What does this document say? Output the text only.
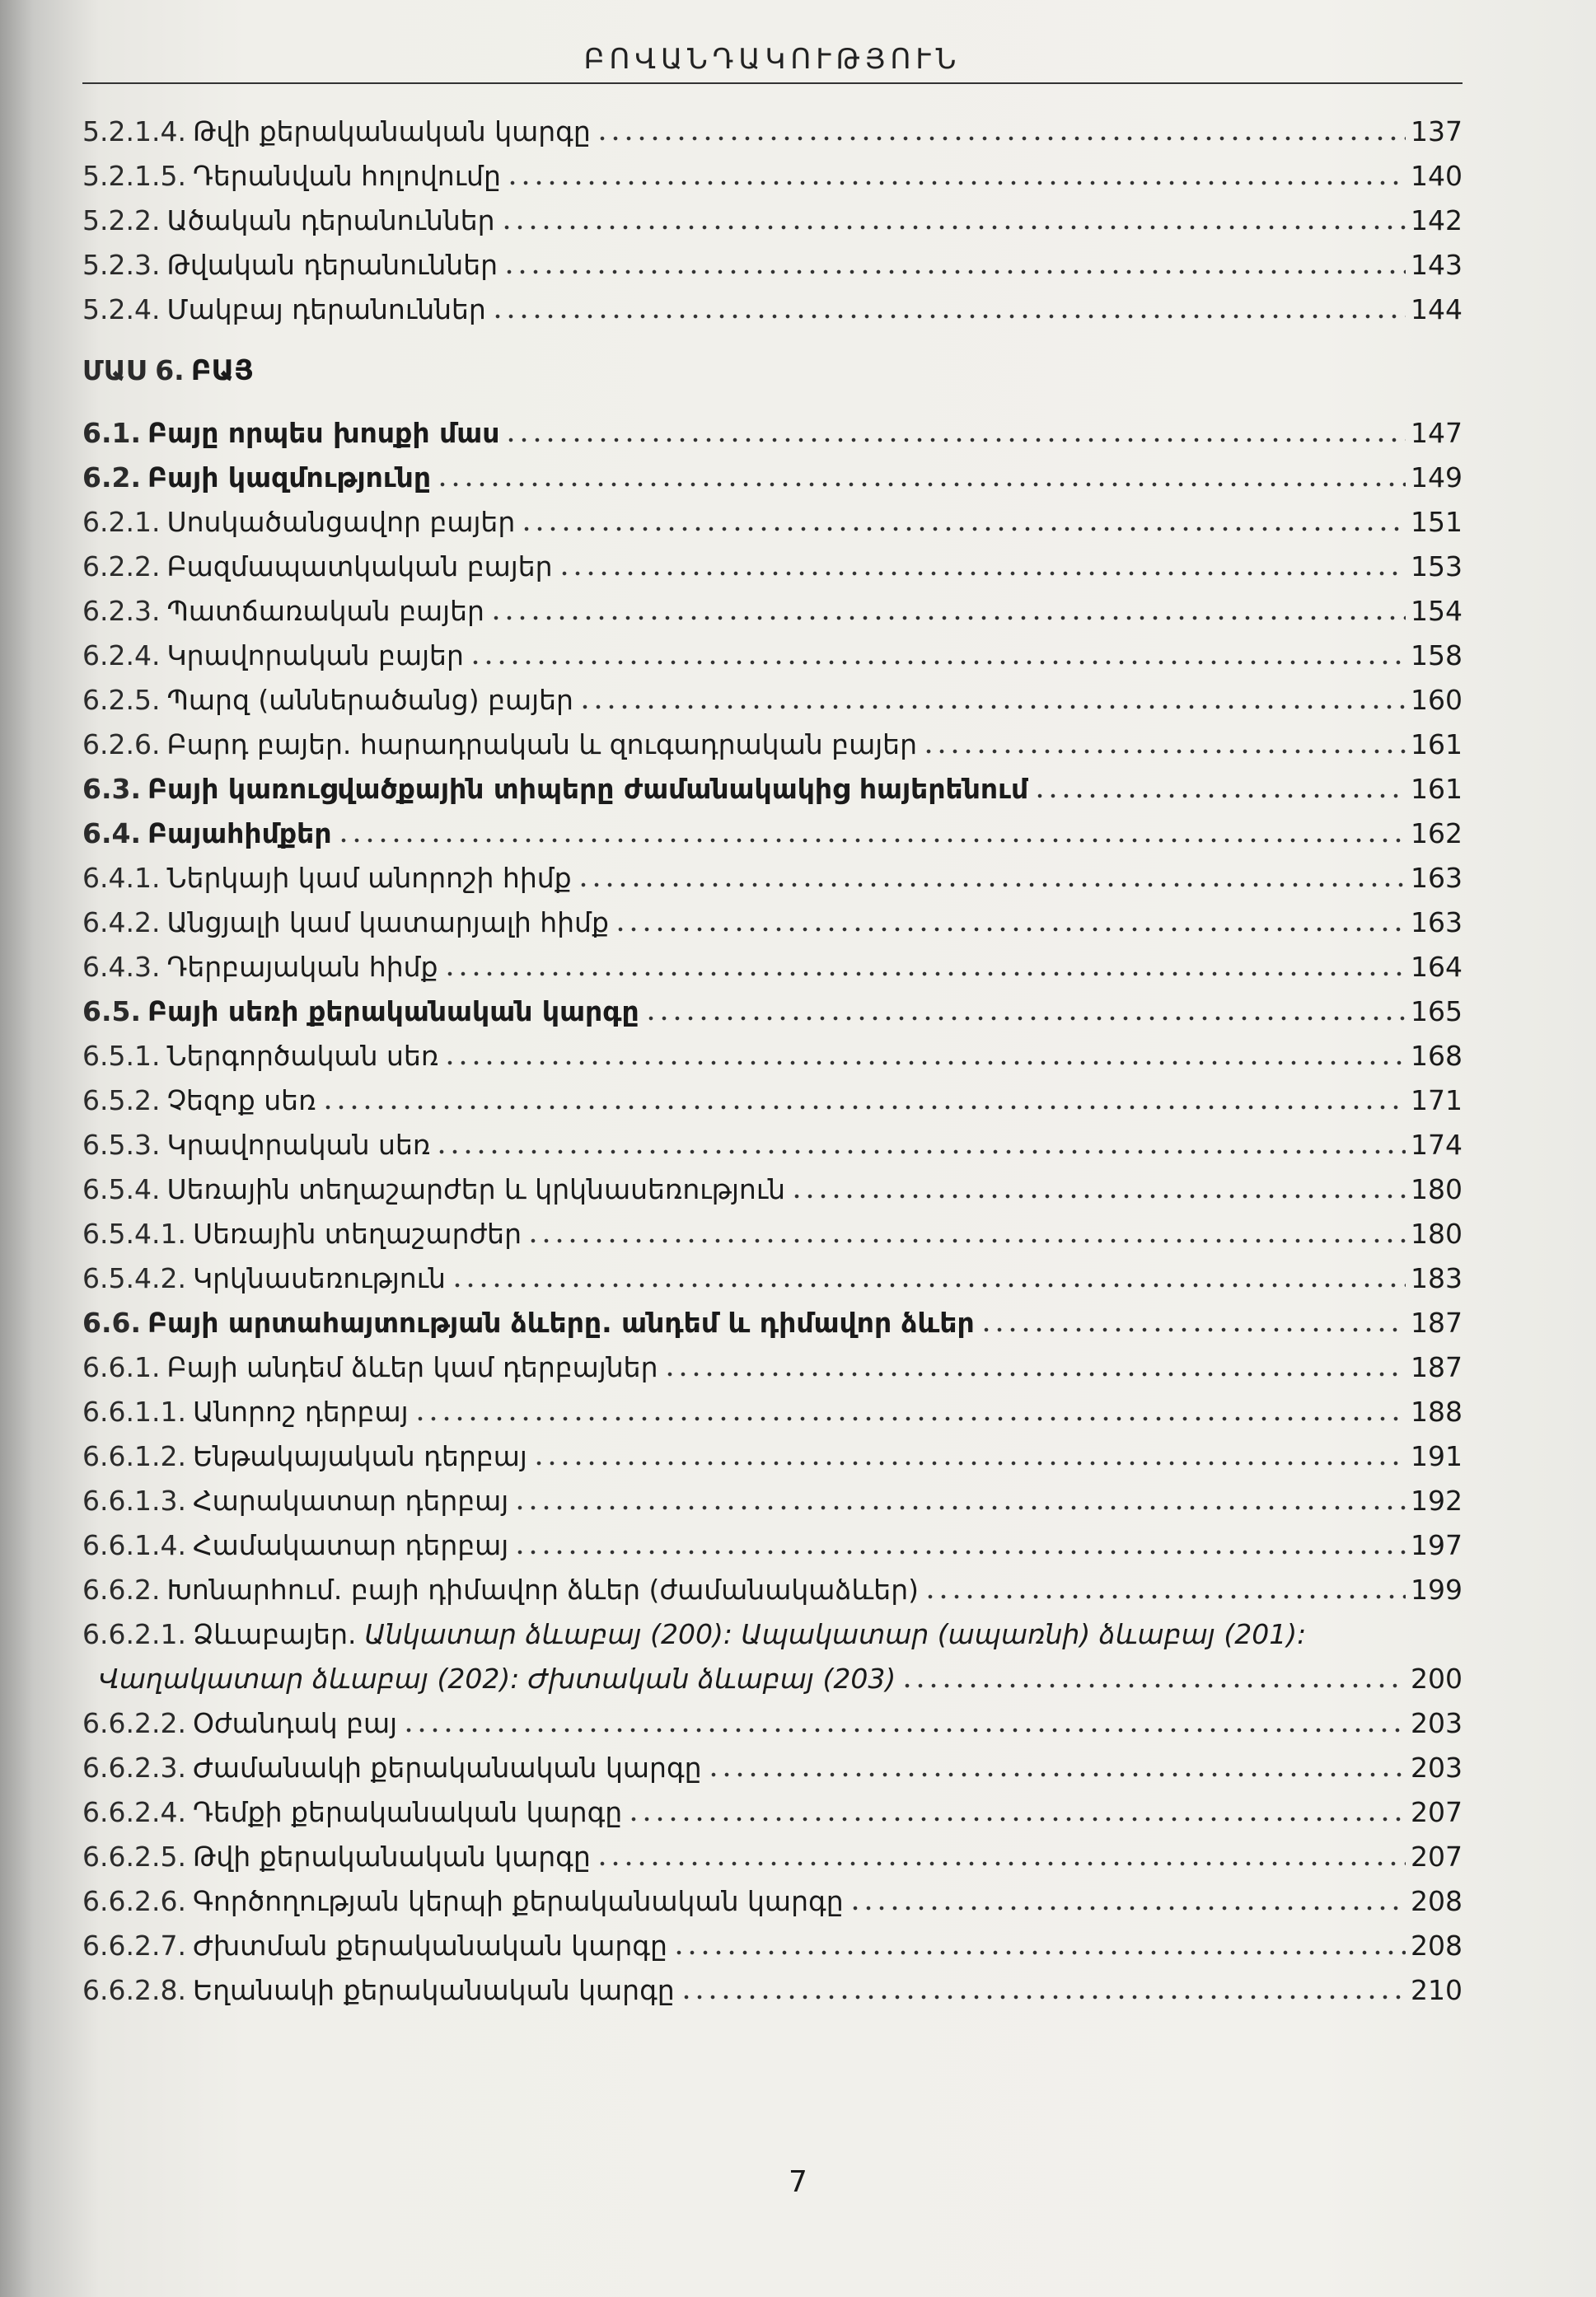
ԲՈՎԱՆԴԱԿՈՒԹՅՈՒՆ
5.2.1.4. Թվի քերականական կարգը	137
5.2.1.5. Դերանվան հոլովումը	140
5.2.2. Ածական դերանուններ	142
5.2.3. Թվական դերանուններ	143
5.2.4. Մակբայ դերանուններ	144
ՄԱՍ 6. ԲԱՅ
6.1. Բայը որպես խոսքի մաս	147
6.2. Բայի կազմությունը	149
6.2.1. Սոսկածանցավոր բայեր	151
6.2.2. Բազմապատկական բայեր	153
6.2.3. Պատճառական բայեր	154
6.2.4. Կրավորական բայեր	158
6.2.5. Պարզ (աններածանց) բայեր	160
6.2.6. Բարդ բայեր. հարադրական և զուգադրական բայեր	161
6.3. Բայի կառուցվածքային տիպերը ժամանակակից հայերենում	161
6.4. Բայահիմքեր	162
6.4.1. Ներկայի կամ անորոշի հիմք	163
6.4.2. Անցյալի կամ կատարյալի հիմք	163
6.4.3. Դերբայական հիմք	164
6.5. Բայի սեռի քերականական կարգը	165
6.5.1. Ներգործական սեռ	168
6.5.2. Չեզոք սեռ	171
6.5.3. Կրավորական սեռ	174
6.5.4. Սեռային տեղաշարժեր և կրկնասեռություն	180
6.5.4.1. Սեռային տեղաշարժեր	180
6.5.4.2. Կրկնասեռություն	183
6.6. Բայի արտահայտության ձևերը. անդեմ և դիմավոր ձևեր	187
6.6.1. Բայի անդեմ ձևեր կամ դերբայներ	187
6.6.1.1. Անորոշ դերբայ	188
6.6.1.2. Ենթակայական դերբայ	191
6.6.1.3. Հարակատար դերբայ	192
6.6.1.4. Համակատար դերբայ	197
6.6.2. Խոնարհում. բայի դիմավոր ձևեր (ժամանակաձևեր)	199
6.6.2.1. Ձևաբայեր. Անկատար ձևաբայ (200): Ապակատար (ապառնի) ձևաբայ (201):
Վաղակատար ձևաբայ (202): Ժխտական ձևաբայ (203)	200
6.6.2.2. Օժանդակ բայ	203
6.6.2.3. Ժամանակի քերականական կարգը	203
6.6.2.4. Դեմքի քերականական կարգը	207
6.6.2.5. Թվի քերականական կարգը	207
6.6.2.6. Գործողության կերպի քերականական կարգը	208
6.6.2.7. Ժխտման քերականական կարգը	208
6.6.2.8. Եղանակի քերականական կարգը	210
7
